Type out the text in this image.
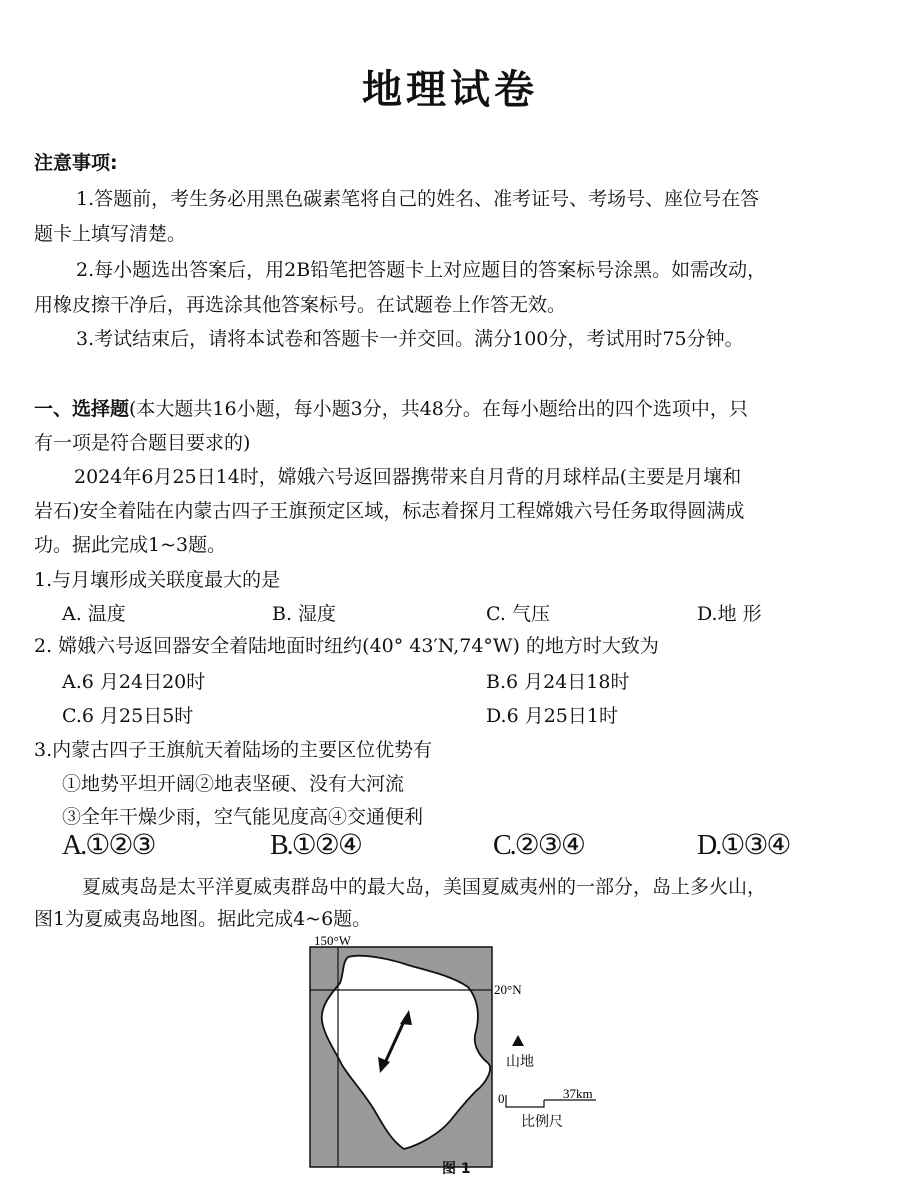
地理试卷
注意事项:
1.答题前，考生务必用黑色碳素笔将自己的姓名、准考证号、考场号、座位号在答
题卡上填写清楚。
2.每小题选出答案后，用2B铅笔把答题卡上对应题目的答案标号涂黑。如需改动，
用橡皮擦干净后，再选涂其他答案标号。在试题卷上作答无效。
3.考试结束后，请将本试卷和答题卡一并交回。满分100分，考试用时75分钟。
一、选择题(本大题共16小题，每小题3分，共48分。在每小题给出的四个选项中，只
有一项是符合题目要求的)
2024年6月25日14时，嫦娥六号返回器携带来自月背的月球样品(主要是月壤和
岩石)安全着陆在内蒙古四子王旗预定区域，标志着探月工程嫦娥六号任务取得圆满成
功。据此完成1~3题。
1.与月壤形成关联度最大的是
A. 温度	B. 湿度	C. 气压	D.地 形
2. 嫦娥六号返回器安全着陆地面时纽约(40° 43′N,74°W) 的地方时大致为
A.6 月24日20时	B.6 月24日18时
C.6 月25日5时	D.6 月25日1时
3.内蒙古四子王旗航天着陆场的主要区位优势有
①地势平坦开阔②地表坚硬、没有大河流
③全年干燥少雨，空气能见度高④交通便利
A.①②③	B.①②④	C.②③④	D.①③④
夏威夷岛是太平洋夏威夷群岛中的最大岛，美国夏威夷州的一部分，岛上多火山，
图1为夏威夷岛地图。据此完成4~6题。
150°W
20°N
山地
0	37km
比例尺
图 1
